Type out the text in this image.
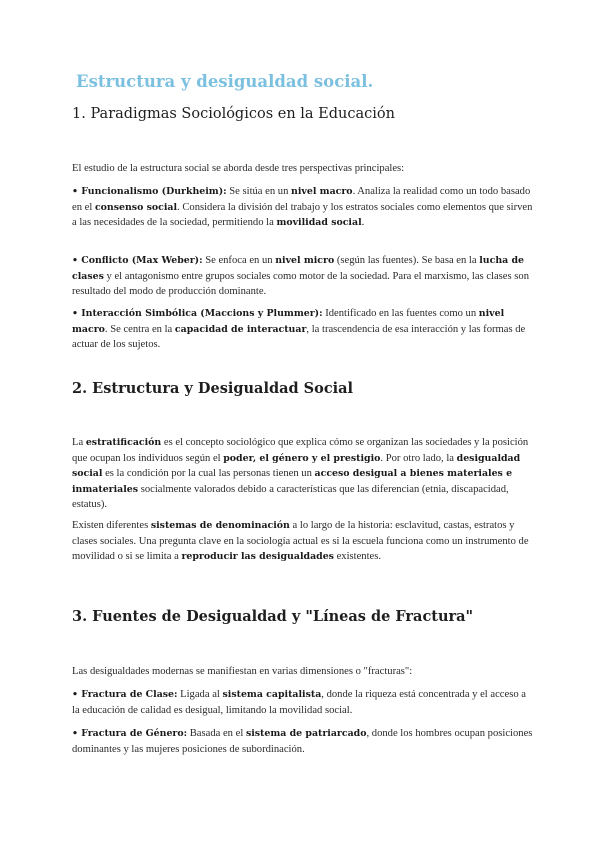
Estructura y desigualdad social.
1. Paradigmas Sociológicos en la Educación

El estudio de la estructura social se aborda desde tres perspectivas principales:

• Funcionalismo (Durkheim): Se sitúa en un nivel macro. Analiza la realidad como un todo basado en el consenso social. Considera la división del trabajo y los estratos sociales como elementos que sirven a las necesidades de la sociedad, permitiendo la movilidad social.

• Conflicto (Max Weber): Se enfoca en un nivel micro (según las fuentes). Se basa en la lucha de clases y el antagonismo entre grupos sociales como motor de la sociedad. Para el marxismo, las clases son resultado del modo de producción dominante.

• Interacción Simbólica (Maccions y Plummer): Identificado en las fuentes como un nivel macro. Se centra en la capacidad de interactuar, la trascendencia de esa interacción y las formas de actuar de los sujetos.

2. Estructura y Desigualdad Social

La estratificación es el concepto sociológico que explica cómo se organizan las sociedades y la posición que ocupan los individuos según el poder, el género y el prestigio. Por otro lado, la desigualdad social es la condición por la cual las personas tienen un acceso desigual a bienes materiales e inmateriales socialmente valorados debido a características que las diferencian (etnia, discapacidad, estatus).

Existen diferentes sistemas de denominación a lo largo de la historia: esclavitud, castas, estratos y clases sociales. Una pregunta clave en la sociología actual es si la escuela funciona como un instrumento de movilidad o si se limita a reproducir las desigualdades existentes.

3. Fuentes de Desigualdad y "Líneas de Fractura"

Las desigualdades modernas se manifiestan en varias dimensiones o "fracturas":

• Fractura de Clase: Ligada al sistema capitalista, donde la riqueza está concentrada y el acceso a la educación de calidad es desigual, limitando la movilidad social.

• Fractura de Género: Basada en el sistema de patriarcado, donde los hombres ocupan posiciones dominantes y las mujeres posiciones de subordinación.
